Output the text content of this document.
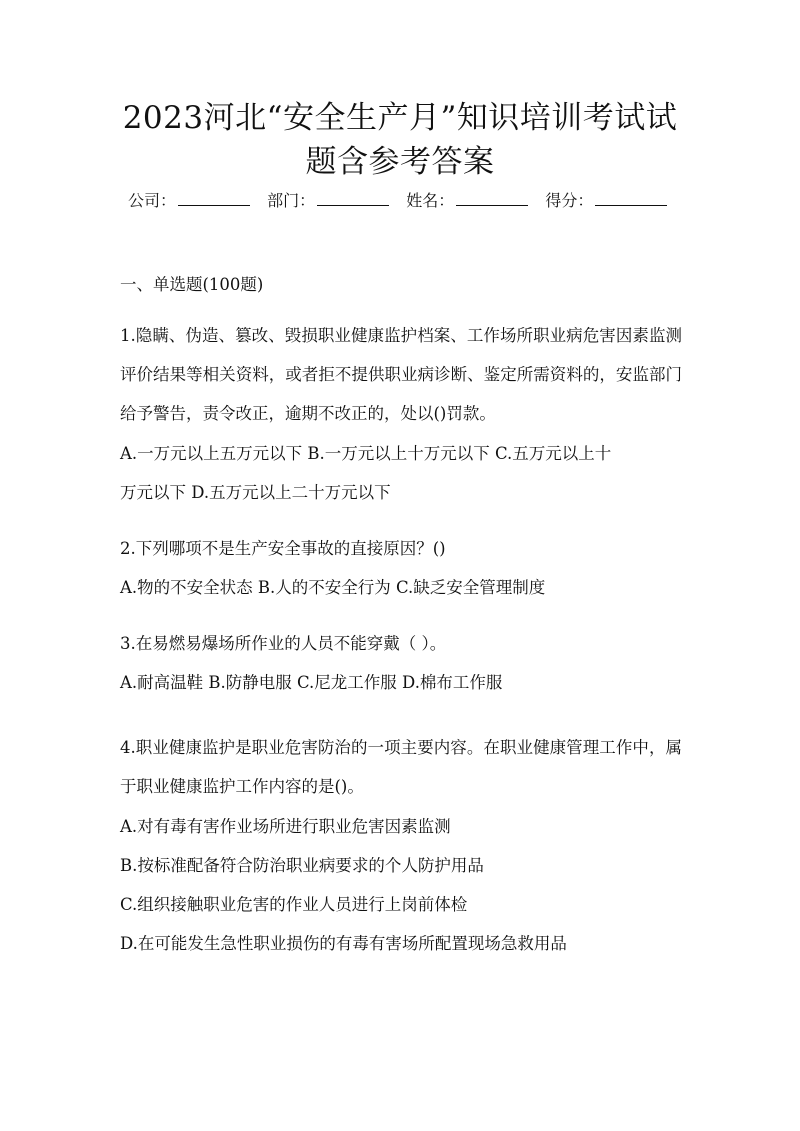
2023河北“安全生产月”知识培训考试试
题含参考答案
公司：	部门：	姓名：	得分：
一、单选题(100题)
1.隐瞒、伪造、篡改、毁损职业健康监护档案、工作场所职业病危害因素监测评价结果等相关资料，或者拒不提供职业病诊断、鉴定所需资料的，安监部门给予警告，责令改正，逾期不改正的，处以()罚款。
A.一万元以上五万元以下 B.一万元以上十万元以下 C.五万元以上十
万元以下 D.五万元以上二十万元以下
2.下列哪项不是生产安全事故的直接原因？()
A.物的不安全状态 B.人的不安全行为 C.缺乏安全管理制度
3.在易燃易爆场所作业的人员不能穿戴（ ）。
A.耐高温鞋 B.防静电服 C.尼龙工作服 D.棉布工作服
4.职业健康监护是职业危害防治的一项主要内容。在职业健康管理工作中，属于职业健康监护工作内容的是()。
A.对有毒有害作业场所进行职业危害因素监测
B.按标准配备符合防治职业病要求的个人防护用品
C.组织接触职业危害的作业人员进行上岗前体检
D.在可能发生急性职业损伤的有毒有害场所配置现场急救用品
